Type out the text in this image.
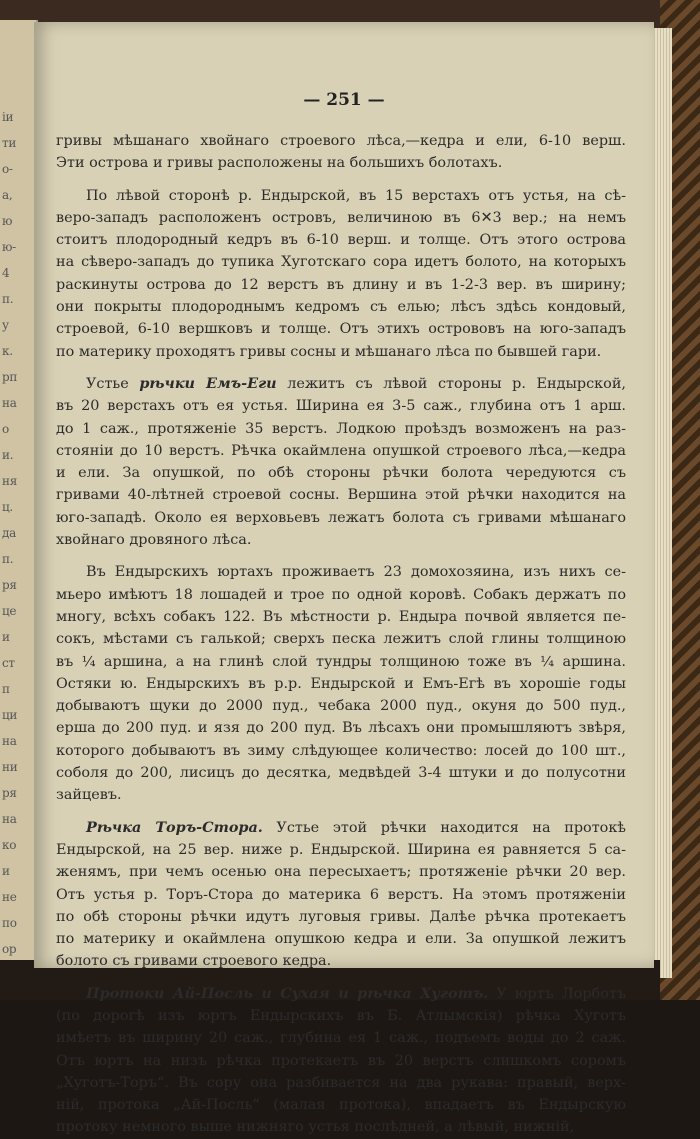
іи
ти
о-
а,
ю
ю-
4
п.
у
к.
рп
на
о
и.
ня
ц.
да
п.
ря
це
и
ст
п
ци
на
ни
ря
на
ко
и
не
по
ор
— 251 —
гривы мѣшанаго хвойнаго строевого лѣса,—кедра и ели, 6-10 верш.
Эти острова и гривы расположены на большихъ болотахъ.
По лѣвой сторонѣ р. Ендырской, въ 15 верстахъ отъ устья, на сѣ-
веро-западъ расположенъ островъ, величиною въ 6✕3 вер.; на немъ
стоитъ плодородный кедръ въ 6-10 верш. и толще. Отъ этого острова
на сѣверо-западъ до тупика Хуготскаго сора идетъ болото, на которыхъ
раскинуты острова до 12 верстъ въ длину и въ 1-2-3 вер. въ ширину;
они покрыты плодороднымъ кедромъ съ елью; лѣсъ здѣсь кондовый,
строевой, 6-10 вершковъ и толще. Отъ этихъ острововъ на юго-западъ
по материку проходятъ гривы сосны и мѣшанаго лѣса по бывшей гари.
Устье рѣчки Емъ-Еги лежитъ съ лѣвой стороны р. Ендырской,
въ 20 верстахъ отъ ея устья. Ширина ея 3-5 саж., глубина отъ 1 арш.
до 1 саж., протяженіе 35 верстъ. Лодкою проѣздъ возможенъ на раз-
стояніи до 10 верстъ. Рѣчка окаймлена опушкой строевого лѣса,—кедра
и ели. За опушкой, по обѣ стороны рѣчки болота чередуются съ
гривами 40-лѣтней строевой сосны. Вершина этой рѣчки находится на
юго-западѣ. Около ея верховьевъ лежатъ болота съ гривами мѣшанаго
хвойнаго дровяного лѣса.
Въ Ендырскихъ юртахъ проживаетъ 23 домохозяина, изъ нихъ се-
мьеро имѣютъ 18 лошадей и трое по одной коровѣ. Собакъ держатъ по
многу, всѣхъ собакъ 122. Въ мѣстности р. Ендыра почвой является пе-
сокъ, мѣстами съ галькой; сверхъ песка лежитъ слой глины толщиною
въ ¼ аршина, а на глинѣ слой тундры толщиною тоже въ ¼ аршина.
Остяки ю. Ендырскихъ въ р.р. Ендырской и Емъ-Егѣ въ хорошіе годы
добываютъ щуки до 2000 пуд., чебака 2000 пуд., окуня до 500 пуд.,
ерша до 200 пуд. и язя до 200 пуд. Въ лѣсахъ они промышляютъ звѣря,
которого добываютъ въ зиму слѣдующее количество: лосей до 100 шт.,
соболя до 200, лисицъ до десятка, медвѣдей 3-4 штуки и до полусотни
зайцевъ.
Рѣчка Торъ-Стора. Устье этой рѣчки находится на протокѣ
Ендырской, на 25 вер. ниже р. Ендырской. Ширина ея равняется 5 са-
женямъ, при чемъ осенью она пересыхаетъ; протяженіе рѣчки 20 вер.
Отъ устья р. Торъ-Стора до материка 6 верстъ. На этомъ протяженіи
по обѣ стороны рѣчки идутъ луговыя гривы. Далѣе рѣчка протекаетъ
по материку и окаймлена опушкою кедра и ели. За опушкой лежитъ
болото съ гривами строевого кедра.
Протоки Ай-Посль и Сухая и рѣчка Хуготъ. У юртъ Лорботъ
(по дорогѣ изъ юртъ Ендырскихъ въ Б. Атлымскія) рѣчка Хуготъ
имѣетъ въ ширину 20 саж., глубина ея 1 саж., подъемъ воды до 2 саж.
Отъ юртъ на низъ рѣчка протекаетъ въ 20 верстъ слишкомъ соромъ
„Хуготъ-Торъ“. Въ сору она разбивается на два рукава: правый, верх-
ній, протока „Ай-Посль“ (малая протока), впадаетъ въ Ендырскую
протоку немного выше нижняго устья послѣдней, а лѣвый, нижній,
